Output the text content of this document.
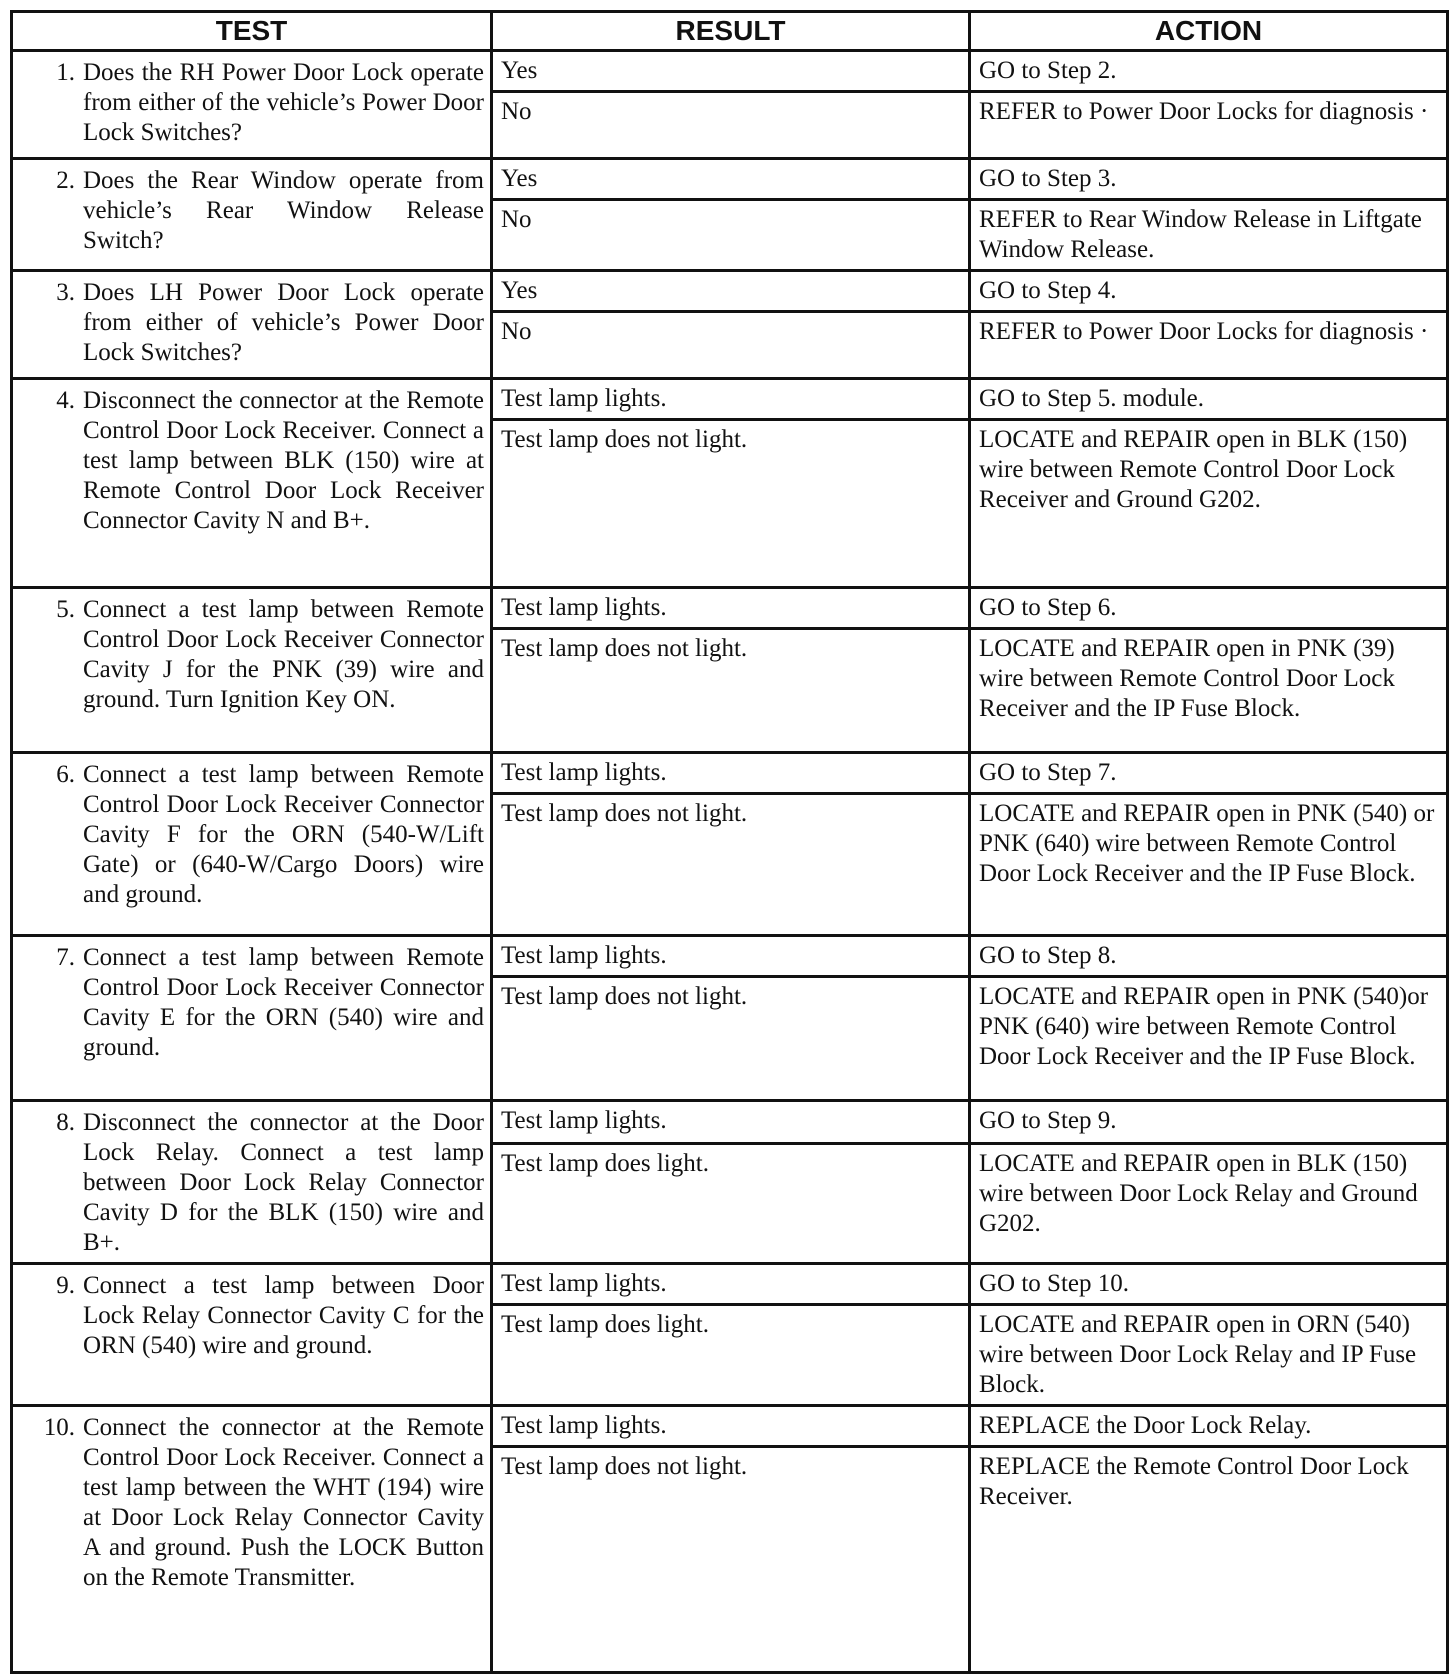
TEST	RESULT	ACTION

1. Does the RH Power Door Lock operate from either of the vehicle’s Power Door Lock Switches?	Yes	GO to Step 2.
	No	REFER to Power Door Locks for diagnosis ·

2. Does the Rear Window operate from vehicle’s Rear Window Release Switch?	Yes	GO to Step 3.
	No	REFER to Rear Window Release in Liftgate Window Release.

3. Does LH Power Door Lock operate from either of vehicle’s Power Door Lock Switches?	Yes	GO to Step 4.
	No	REFER to Power Door Locks for diagnosis ·

4. Disconnect the connector at the Remote Control Door Lock Receiver. Connect a test lamp between BLK (150) wire at Remote Control Door Lock Receiver Connector Cavity N and B+.	Test lamp lights.	GO to Step 5. module.
	Test lamp does not light.	LOCATE and REPAIR open in BLK (150) wire between Remote Control Door Lock Receiver and Ground G202.

5. Connect a test lamp between Remote Control Door Lock Receiver Connector Cavity J for the PNK (39) wire and ground. Turn Ignition Key ON.	Test lamp lights.	GO to Step 6.
	Test lamp does not light.	LOCATE and REPAIR open in PNK (39) wire between Remote Control Door Lock Receiver and the IP Fuse Block.

6. Connect a test lamp between Remote Control Door Lock Receiver Connector Cavity F for the ORN (540-W/Lift Gate) or (640-W/Cargo Doors) wire and ground.	Test lamp lights.	GO to Step 7.
	Test lamp does not light.	LOCATE and REPAIR open in PNK (540) or PNK (640) wire between Remote Control Door Lock Receiver and the IP Fuse Block.

7. Connect a test lamp between Remote Control Door Lock Receiver Connector Cavity E for the ORN (540) wire and ground.	Test lamp lights.	GO to Step 8.
	Test lamp does not light.	LOCATE and REPAIR open in PNK (540)or PNK (640) wire between Remote Control Door Lock Receiver and the IP Fuse Block.

8. Disconnect the connector at the Door Lock Relay. Connect a test lamp between Door Lock Relay Connector Cavity D for the BLK (150) wire and B+.	Test lamp lights.	GO to Step 9.
	Test lamp does light.	LOCATE and REPAIR open in BLK (150) wire between Door Lock Relay and Ground G202.

9. Connect a test lamp between Door Lock Relay Connector Cavity C for the ORN (540) wire and ground.	Test lamp lights.	GO to Step 10.
	Test lamp does light.	LOCATE and REPAIR open in ORN (540) wire between Door Lock Relay and IP Fuse Block.

10. Connect the connector at the Remote Control Door Lock Receiver. Connect a test lamp between the WHT (194) wire at Door Lock Relay Connector Cavity A and ground. Push the LOCK Button on the Remote Transmitter.	Test lamp lights.	REPLACE the Door Lock Relay.
	Test lamp does not light.	REPLACE the Remote Control Door Lock Receiver.
